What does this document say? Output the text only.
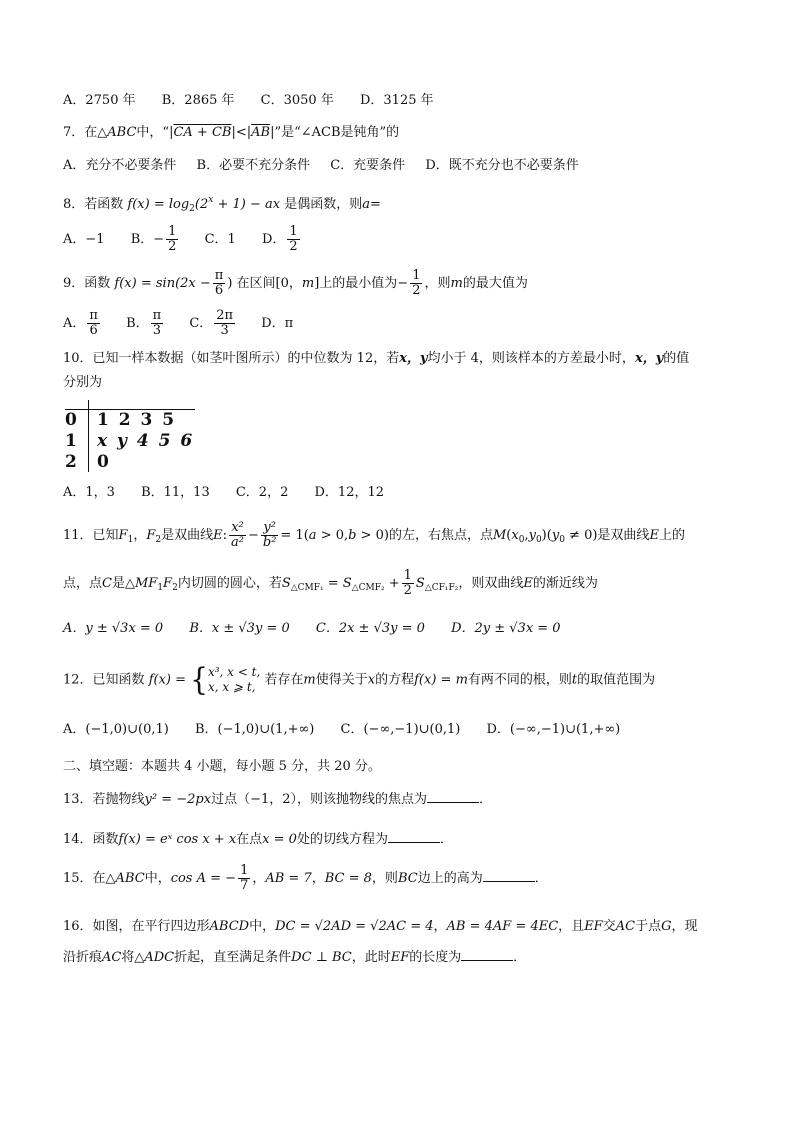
A．2750 年 B．2865 年 C．3050 年 D．3125 年
7．在△ABC中，“$|CA + CB|<|\overline{AB}|$”是“∠ACB是钝角”的
A．充分不必要条件 B．必要不充分条件 C．充要条件 D．既不充分也不必要条件
8．若函数 $f(x) = \log_2(2^x + 1)$ − ax 是偶函数，则a=
A．−1 B．− $\frac{1}{2}$ C．1 D． $\frac{1}{2}$
9．函数 $f(x) = \sin(2x - \frac{\pi}{6}$ ) 在区间[0，m]上的最小值为− $\frac{1}{2}$ ，则m的最大值为
A． $\frac{\pi}{6}$ B． $\frac{\pi}{3}$ C． $\frac{2\pi}{3}$ D．π
10．已知一样本数据（如茎叶图所示）的中位数为 12，若x，y均小于 4，则该样本的方差最小时，x，y的值
分别为
0 1 2 3 5
1 x y 4 5 6
2 0
A．1，3 B．11，13 C．2，2 D．12，12
11．已知$F_1$，$F_2$是双曲线E: $\frac{\text{x²}}{\text{a²}} - \frac{\text{y²}}{\text{b²}} = 1(a > 0,b > 0)$的左，右焦点，点$M(x_0,y_0)(y_0 \ne 0)$是双曲线E上的
点，点C是$\triangle MF_1F_2$内切圆的圆心，若$S_{\triangle CMF_1} = S_{\triangle CMF_2} + \frac{1}{2} S_{\triangle CF_1F_2}$，则双曲线E的渐近线为
A．y ± √3x = 0 B．x ± √3y = 0 C．2x ± √3y = 0 D．2y ± √3x = 0
12．已知函数 f(x) = { x³, x < t,
x, x ⩾ t, 若存在m使得关于x的方程f(x) = m有两不同的根，则t的取值范围为
A．(−1,0)∪(0,1) B．(−1,0)∪(1,+∞) C．(−∞,−1)∪(0,1) D．(−∞,−1)∪(1,+∞)
二、填空题：本题共 4 小题，每小题 5 分，共 20 分。
13．若抛物线y² = −2px过点（−1，2），则该抛物线的焦点为	．
14．函数f(x) = eˣ cos x + x在点x = 0处的切线方程为	．
15．在△ABC中，cos A = − $\frac{1}{7}$ ，AB = 7，BC = 8，则BC边上的高为	．
16．如图，在平行四边形ABCD中，DC = √2AD = √2AC = 4，AB = 4AF = 4EC，且EF交AC于点G，现
沿折痕AC将△ADC折起，直至满足条件DC ⊥ BC，此时EF的长度为	．
